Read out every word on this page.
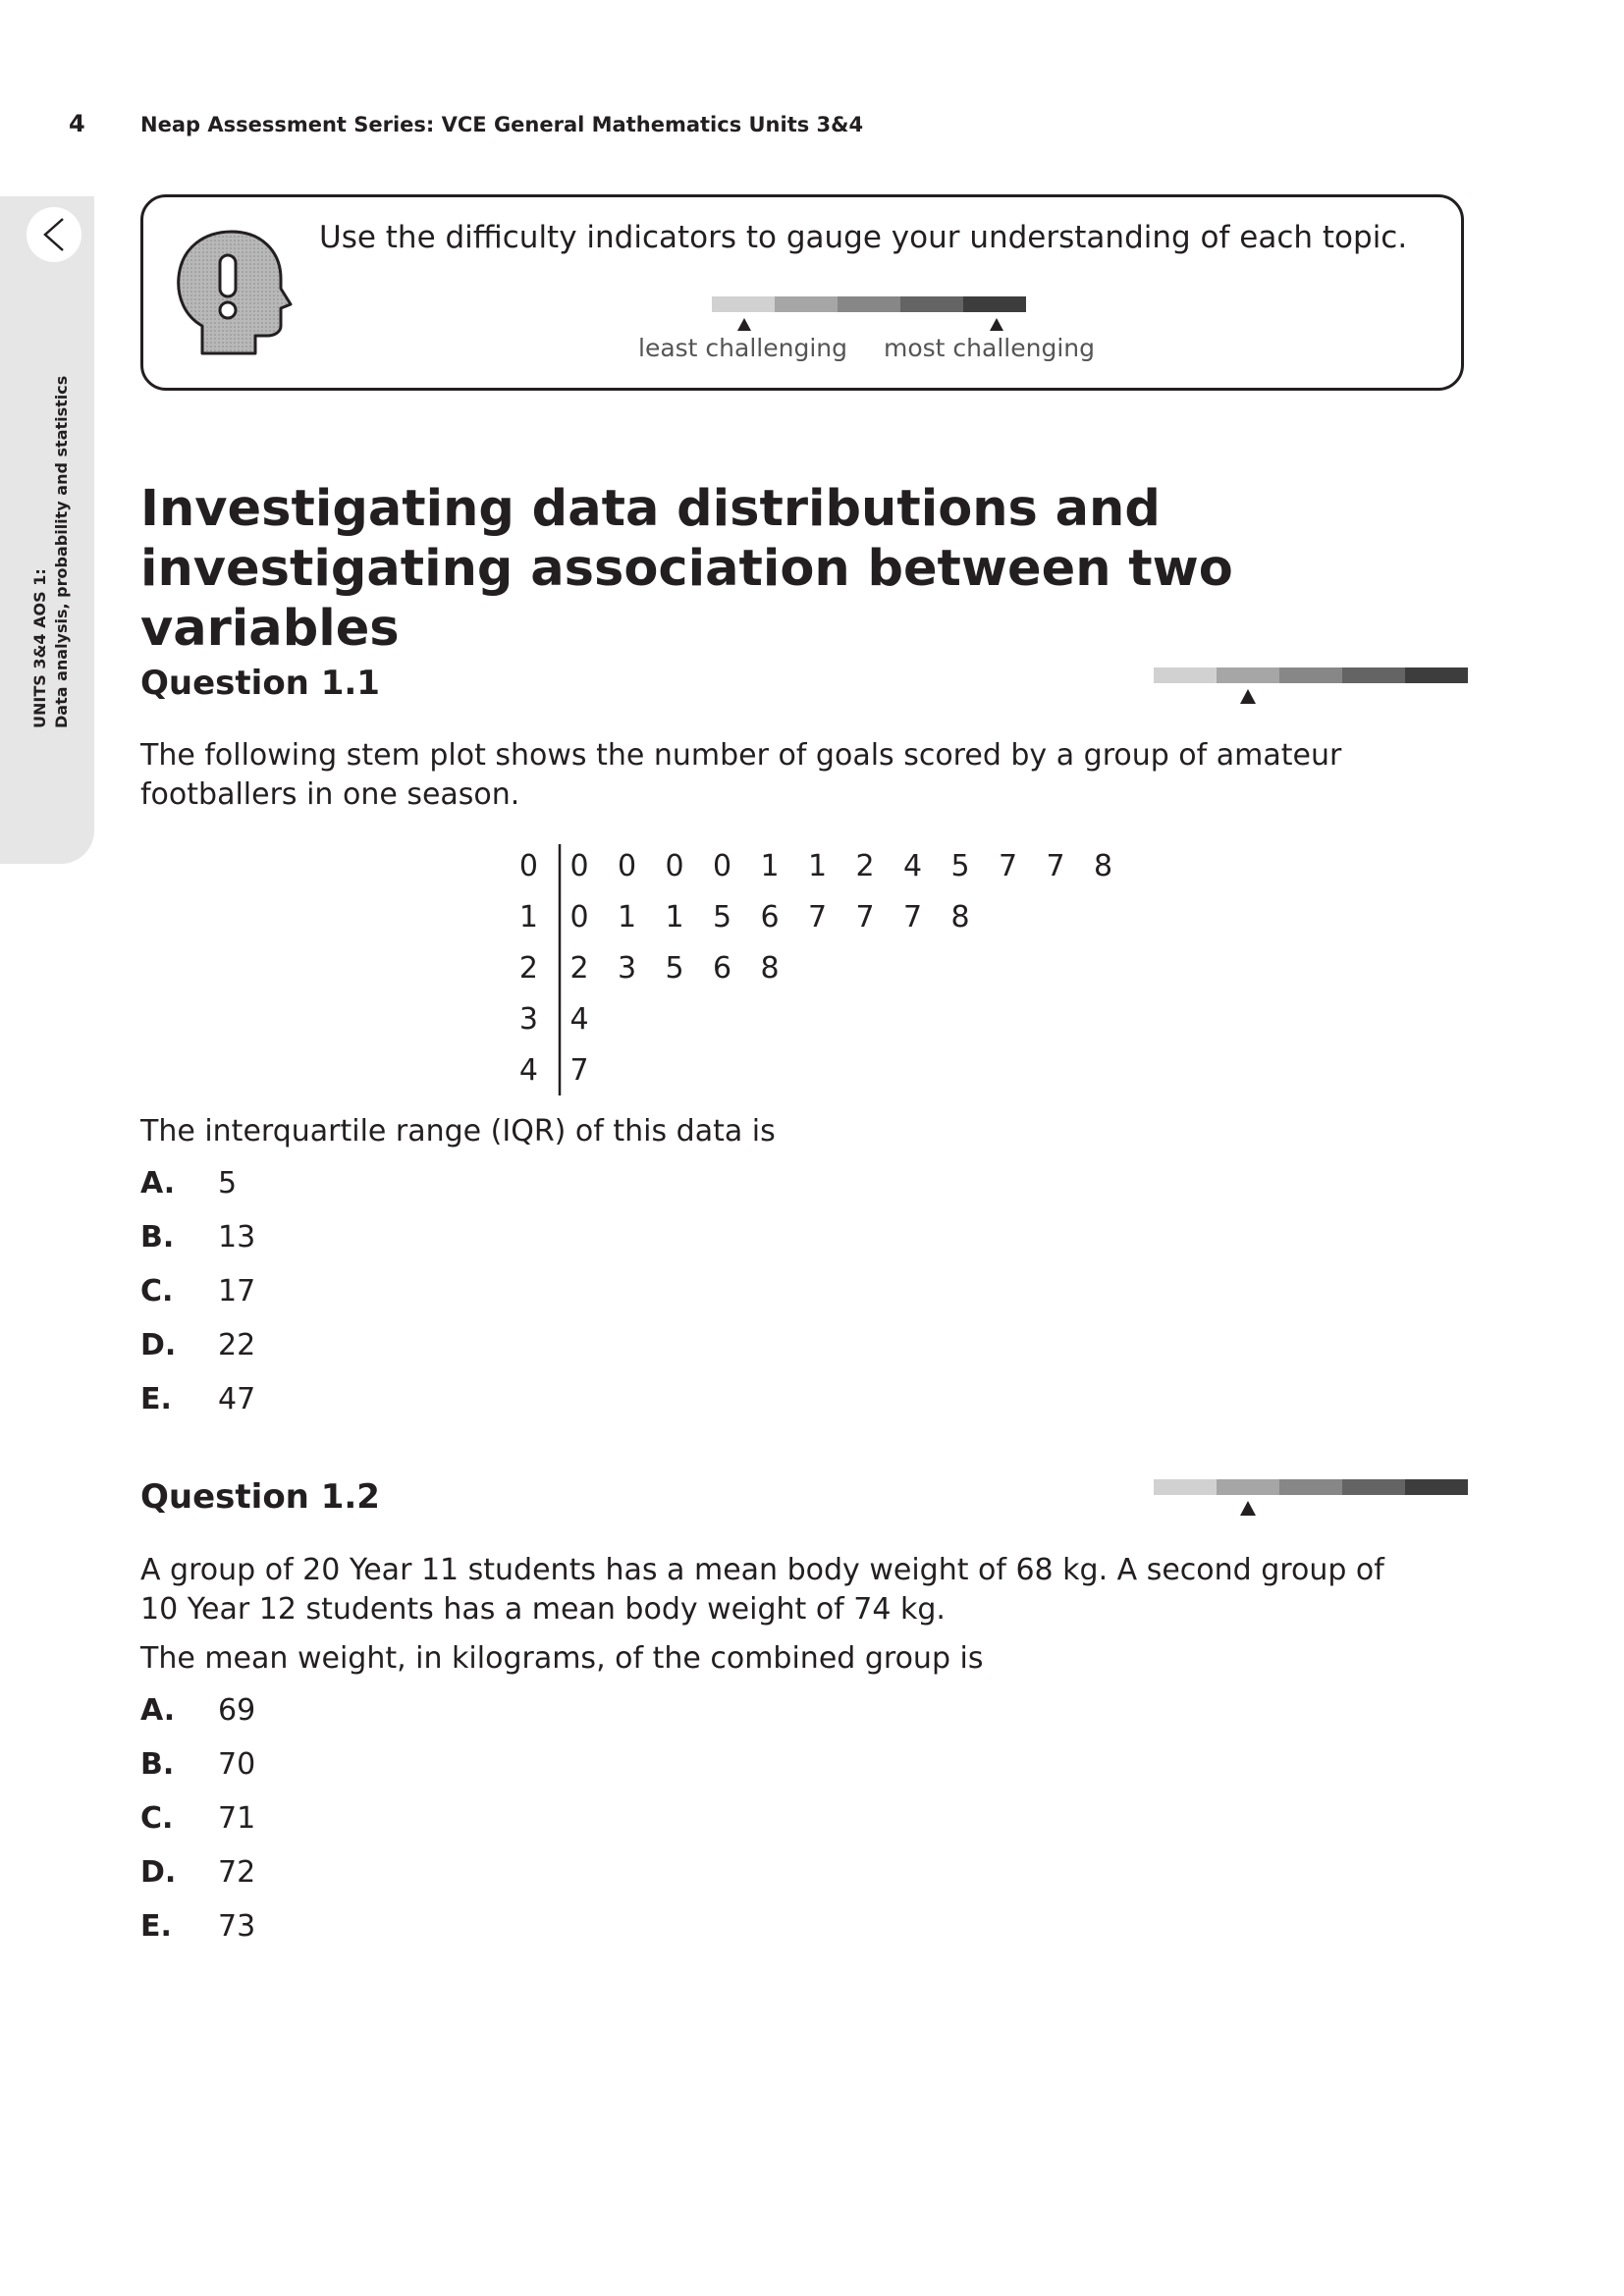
4	Neap Assessment Series: VCE General Mathematics Units 3&4
UNITS 3&4 AOS 1: Data analysis, probability and statistics
Use the difficulty indicators to gauge your understanding of each topic.
least challenging most challenging
Investigating data distributions and investigating association between two variables
Question 1.1
The following stem plot shows the number of goals scored by a group of amateur
footballers in one season.
0 0 0 0 0 1 1 2 4 5 7 7 8
1 0 1 1 5 6 7 7 7 8
2 2 3 5 6 8
3 4
4 7
The interquartile range (IQR) of this data is
A. 5
B. 13
C. 17
D. 22
E. 47
Question 1.2
A group of 20 Year 11 students has a mean body weight of 68 kg. A second group of
10 Year 12 students has a mean body weight of 74 kg.
The mean weight, in kilograms, of the combined group is
A. 69
B. 70
C. 71
D. 72
E. 73
